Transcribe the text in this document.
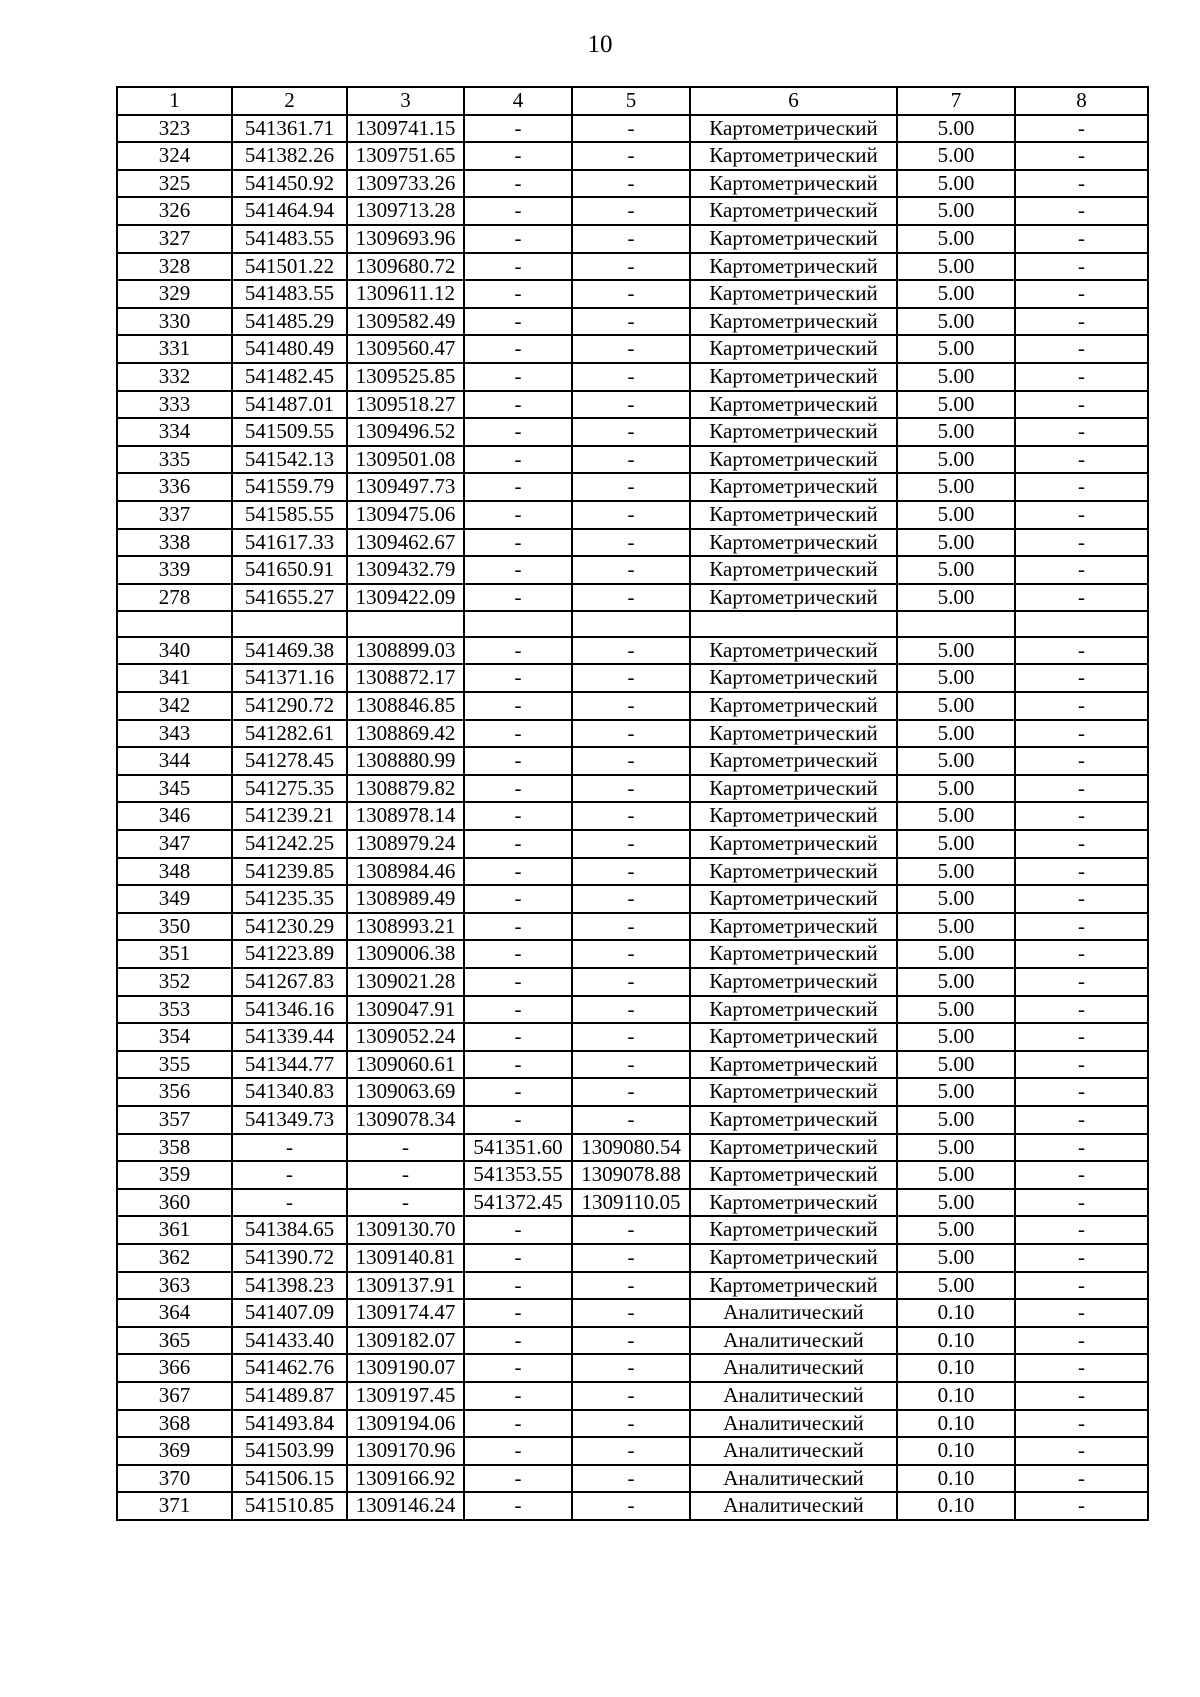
10
1	2	3	4	5	6	7	8
323	541361.71	1309741.15	-	-	Картометрический	5.00	-
324	541382.26	1309751.65	-	-	Картометрический	5.00	-
325	541450.92	1309733.26	-	-	Картометрический	5.00	-
326	541464.94	1309713.28	-	-	Картометрический	5.00	-
327	541483.55	1309693.96	-	-	Картометрический	5.00	-
328	541501.22	1309680.72	-	-	Картометрический	5.00	-
329	541483.55	1309611.12	-	-	Картометрический	5.00	-
330	541485.29	1309582.49	-	-	Картометрический	5.00	-
331	541480.49	1309560.47	-	-	Картометрический	5.00	-
332	541482.45	1309525.85	-	-	Картометрический	5.00	-
333	541487.01	1309518.27	-	-	Картометрический	5.00	-
334	541509.55	1309496.52	-	-	Картометрический	5.00	-
335	541542.13	1309501.08	-	-	Картометрический	5.00	-
336	541559.79	1309497.73	-	-	Картометрический	5.00	-
337	541585.55	1309475.06	-	-	Картометрический	5.00	-
338	541617.33	1309462.67	-	-	Картометрический	5.00	-
339	541650.91	1309432.79	-	-	Картометрический	5.00	-
278	541655.27	1309422.09	-	-	Картометрический	5.00	-

340	541469.38	1308899.03	-	-	Картометрический	5.00	-
341	541371.16	1308872.17	-	-	Картометрический	5.00	-
342	541290.72	1308846.85	-	-	Картометрический	5.00	-
343	541282.61	1308869.42	-	-	Картометрический	5.00	-
344	541278.45	1308880.99	-	-	Картометрический	5.00	-
345	541275.35	1308879.82	-	-	Картометрический	5.00	-
346	541239.21	1308978.14	-	-	Картометрический	5.00	-
347	541242.25	1308979.24	-	-	Картометрический	5.00	-
348	541239.85	1308984.46	-	-	Картометрический	5.00	-
349	541235.35	1308989.49	-	-	Картометрический	5.00	-
350	541230.29	1308993.21	-	-	Картометрический	5.00	-
351	541223.89	1309006.38	-	-	Картометрический	5.00	-
352	541267.83	1309021.28	-	-	Картометрический	5.00	-
353	541346.16	1309047.91	-	-	Картометрический	5.00	-
354	541339.44	1309052.24	-	-	Картометрический	5.00	-
355	541344.77	1309060.61	-	-	Картометрический	5.00	-
356	541340.83	1309063.69	-	-	Картометрический	5.00	-
357	541349.73	1309078.34	-	-	Картометрический	5.00	-
358	-	-	541351.60	1309080.54	Картометрический	5.00	-
359	-	-	541353.55	1309078.88	Картометрический	5.00	-
360	-	-	541372.45	1309110.05	Картометрический	5.00	-
361	541384.65	1309130.70	-	-	Картометрический	5.00	-
362	541390.72	1309140.81	-	-	Картометрический	5.00	-
363	541398.23	1309137.91	-	-	Картометрический	5.00	-
364	541407.09	1309174.47	-	-	Аналитический	0.10	-
365	541433.40	1309182.07	-	-	Аналитический	0.10	-
366	541462.76	1309190.07	-	-	Аналитический	0.10	-
367	541489.87	1309197.45	-	-	Аналитический	0.10	-
368	541493.84	1309194.06	-	-	Аналитический	0.10	-
369	541503.99	1309170.96	-	-	Аналитический	0.10	-
370	541506.15	1309166.92	-	-	Аналитический	0.10	-
371	541510.85	1309146.24	-	-	Аналитический	0.10	-
